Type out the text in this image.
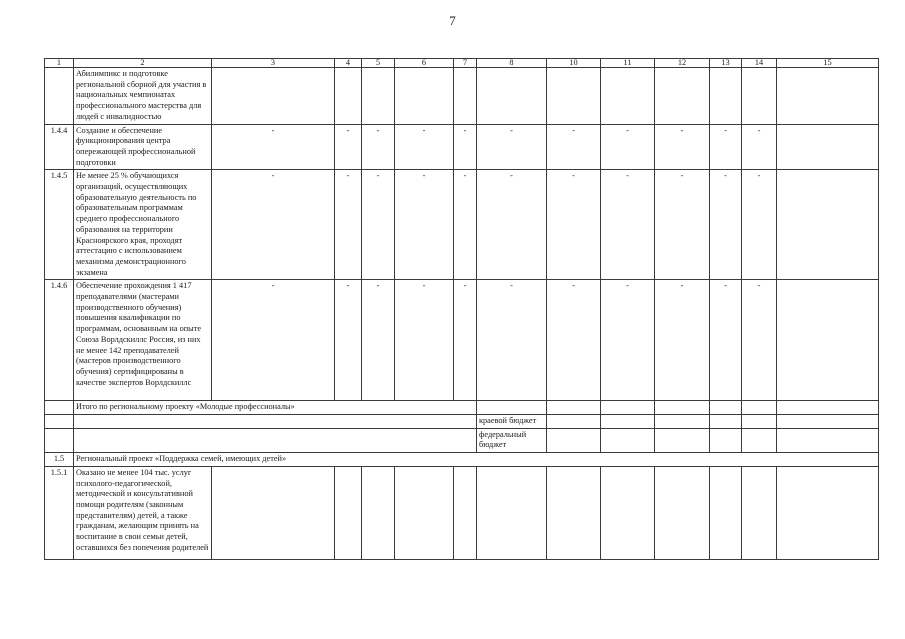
7
1	2	3	4	5	6	7	8	10	11	12	13	14	15
	Абилимпикс и подготовке региональной сборной для участия в национальных чемпионатах профессионального мастерства для людей с инвалидностью												
1.4.4	Создание и обеспечение функционирования центра опережающей профессиональной подготовки	-	-	-	-	-	-	-	-	-	-	-	
1.4.5	Не менее 25 % обучающихся организаций, осуществляющих образовательную деятельность по образовательным программам среднего профессионального образования на территории Красноярского края, проходят аттестацию с использованием механизма демонстрационного экзамена	-	-	-	-	-	-	-	-	-	-	-	
1.4.6	Обеспечение прохождения 1 417 преподавателями (мастерами производственного обучения) повышения квалификации по программам, основанным на опыте Союза Ворлдскиллс Россия, из них не менее 142 преподавателей (мастеров производственного обучения) сертифицированы в качестве экспертов Ворлдскиллс	-	-	-	-	-	-	-	-	-	-	-	
	Итого по региональному проекту «Молодые профессионалы»												
							краевой бюджет						
							федеральный бюджет						
1.5	Региональный проект «Поддержка семей, имеющих детей»												
1.5.1	Оказано не менее 104 тыс. услуг психолого-педагогической, методической и консультативной помощи родителям (законным представителям) детей, а также гражданам, желающим принять на воспитание в свои семьи детей, оставшихся без попечения родителей												
